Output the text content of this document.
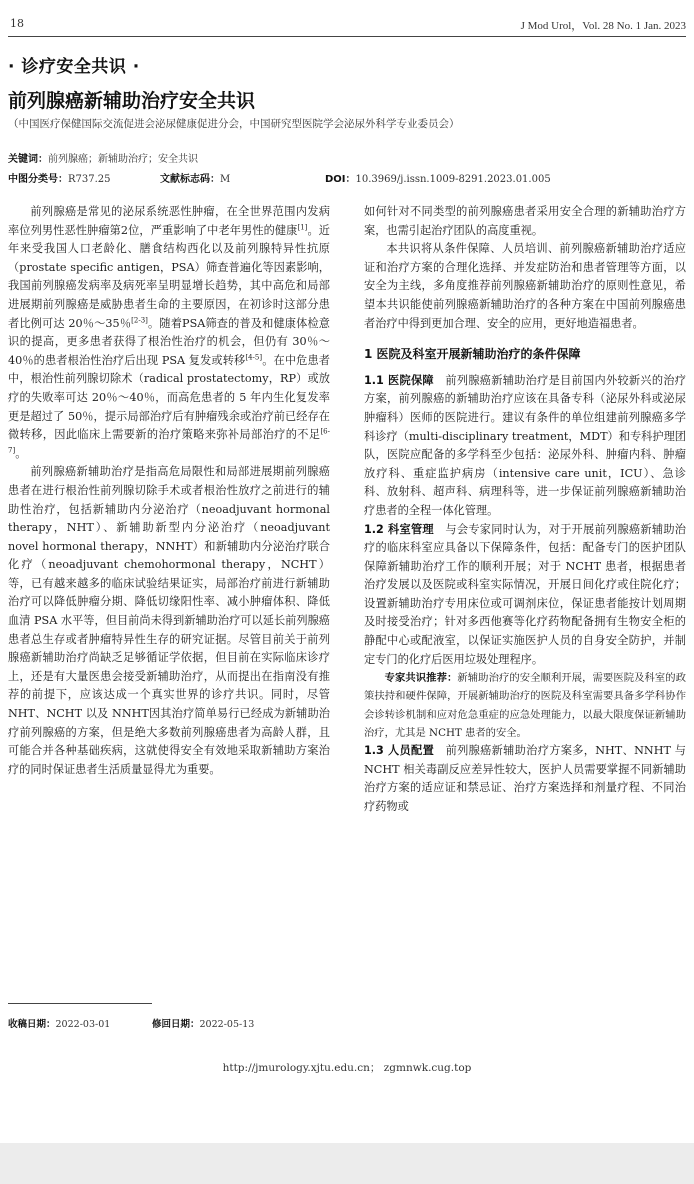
18	J Mod Urol，Vol. 28 No. 1 Jan. 2023
· 诊疗安全共识 ·
前列腺癌新辅助治疗安全共识
（中国医疗保健国际交流促进会泌尿健康促进分会，中国研究型医院学会泌尿外科学专业委员会）
关键词：前列腺癌；新辅助治疗；安全共识
中图分类号：R737.25	文献标志码：M	DOI：10.3969/j.issn.1009-8291.2023.01.005

前列腺癌是常见的泌尿系统恶性肿瘤，在全世界范围内发病率位列男性恶性肿瘤第2位，严重影响了中老年男性的健康[1]。近年来受我国人口老龄化、膳食结构西化以及前列腺特异性抗原（prostate specific antigen，PSA）筛查普遍化等因素影响，我国前列腺癌发病率及病死率呈明显增长趋势，其中高危和局部进展期前列腺癌是威胁患者生命的主要原因，在初诊时这部分患者比例可达 20％～35％[2-3]。随着PSA筛查的普及和健康体检意识的提高，更多患者获得了根治性治疗的机会，但仍有 30％～40％的患者根治性治疗后出现 PSA 复发或转移[4-5]。在中危患者中，根治性前列腺切除术（radical prostatectomy，RP）或放疗的失败率可达 20％～40％，而高危患者的 5 年内生化复发率更是超过了 50％，提示局部治疗后有肿瘤残余或治疗前已经存在微转移，因此临床上需要新的治疗策略来弥补局部治疗的不足[6-7]。

前列腺癌新辅助治疗是指高危局限性和局部进展期前列腺癌患者在进行根治性前列腺切除手术或者根治性放疗之前进行的辅助性治疗，包括新辅助内分泌治疗（neoadjuvant hormonal therapy，NHT）、新辅助新型内分泌治疗（neoadjuvant novel hormonal therapy，NNHT）和新辅助内分泌治疗联合化疗（neoadjuvant chemohormonal therapy，NCHT）等，已有越来越多的临床试验结果证实，局部治疗前进行新辅助治疗可以降低肿瘤分期、降低切缘阳性率、减小肿瘤体积、降低血清 PSA 水平等，但目前尚未得到新辅助治疗可以延长前列腺癌患者总生存或者肿瘤特异性生存的研究证据。尽管目前关于前列腺癌新辅助治疗尚缺乏足够循证学依据，但目前在实际临床诊疗上，还是有大量医患会接受新辅助治疗，从而提出在指南没有推荐的前提下，应该达成一个真实世界的诊疗共识。同时，尽管 NHT、NCHT 以及 NNHT因其治疗简单易行已经成为新辅助治疗前列腺癌的方案，但是绝大多数前列腺癌患者为高龄人群，且可能合并各种基础疾病，这就使得安全有效地采取新辅助方案治疗的同时保证患者生活质量显得尤为重要。

如何针对不同类型的前列腺癌患者采用安全合理的新辅助治疗方案，也需引起治疗团队的高度重视。

本共识将从条件保障、人员培训、前列腺癌新辅助治疗适应证和治疗方案的合理化选择、并发症防治和患者管理等方面，以安全为主线，多角度推荐前列腺癌新辅助治疗的原则性意见，希望本共识能使前列腺癌新辅助治疗的各种方案在中国前列腺癌患者治疗中得到更加合理、安全的应用，更好地造福患者。

1 医院及科室开展新辅助治疗的条件保障

1.1 医院保障　 前列腺癌新辅助治疗是目前国内外较新兴的治疗方案，前列腺癌的新辅助治疗应该在具备专科（泌尿外科或泌尿肿瘤科）医师的医院进行。建议有条件的单位组建前列腺癌多学科诊疗（multi-disciplinary treatment，MDT）和专科护理团队，医院应配备的多学科至少包括：泌尿外科、肿瘤内科、肿瘤放疗科、重症监护病房（intensive care unit，ICU）、急诊科、放射科、超声科、病理科等，进一步保证前列腺癌新辅助治疗患者的全程一体化管理。

1.2 科室管理　 与会专家同时认为，对于开展前列腺癌新辅助治疗的临床科室应具备以下保障条件，包括：配备专门的医护团队保障新辅助治疗工作的顺利开展；对于 NCHT 患者，根据患者治疗发展以及医院或科室实际情况，开展日间化疗或住院化疗；设置新辅助治疗专用床位或可调剂床位，保证患者能按计划周期及时接受治疗；针对多西他赛等化疗药物配备拥有生物安全柜的静配中心或配液室，以保证实施医护人员的自身安全防护，并制定专门的化疗后医用垃圾处理程序。

专家共识推荐：新辅助治疗的安全顺利开展，需要医院及科室的政策扶持和硬件保障，开展新辅助治疗的医院及科室需要具备多学科协作会诊转诊机制和应对危急重症的应急处理能力，以最大限度保证新辅助治疗，尤其是 NCHT 患者的安全。

1.3 人员配置　 前列腺癌新辅助治疗方案多，NHT、NNHT 与 NCHT 相关毒副反应差异性较大，医护人员需要掌握不同新辅助治疗方案的适应证和禁忌证、治疗方案选择和剂量疗程、不同治疗药物或

收稿日期：2022-03-01	修回日期：2022-05-13
http://jmurology.xjtu.edu.cn； zgmnwk.cug.top
